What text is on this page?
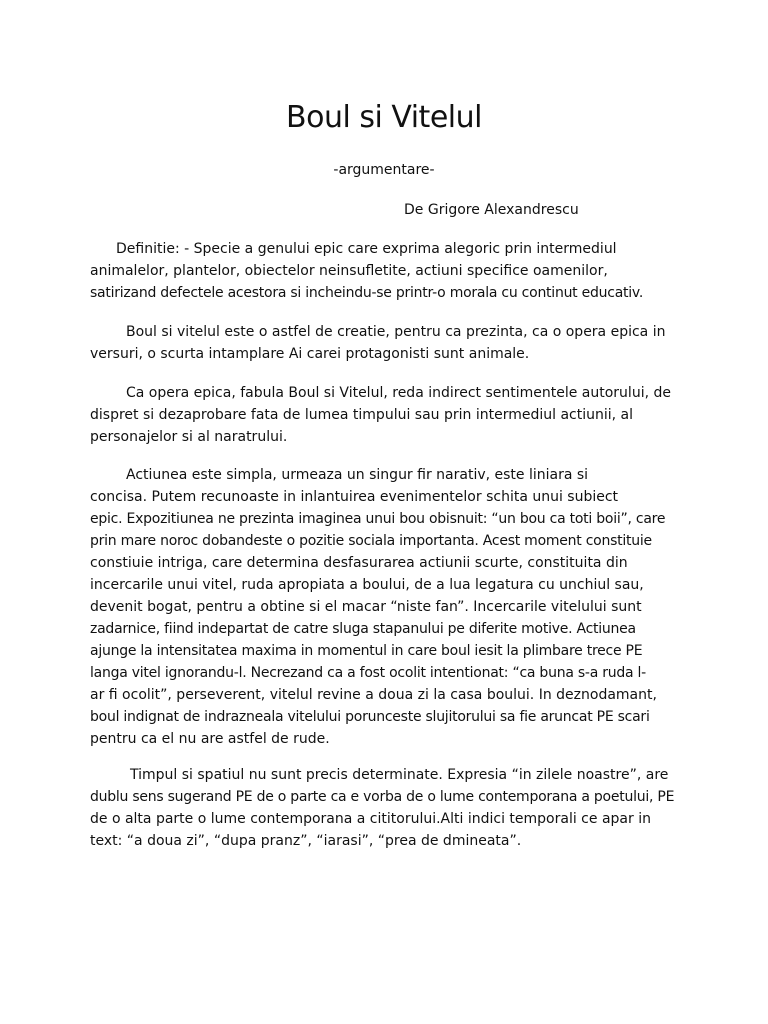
Boul si Vitelul
-argumentare-
De Grigore Alexandrescu
Definitie: - Specie a genului epic care exprima alegoric prin intermediul
animalelor, plantelor, obiectelor neinsufletite, actiuni specifice oamenilor,
satirizand defectele acestora si incheindu-se printr-o morala cu continut educativ.
Boul si vitelul este o astfel de creatie, pentru ca prezinta, ca o opera epica in
versuri, o scurta intamplare Ai carei protagonisti sunt animale.
Ca opera epica, fabula Boul si Vitelul, reda indirect sentimentele autorului, de
dispret si dezaprobare fata de lumea timpului sau prin intermediul actiunii, al
personajelor si al naratrului.
Actiunea este simpla, urmeaza un singur fir narativ, este liniara si
concisa. Putem recunoaste in inlantuirea evenimentelor schita unui subiect
epic. Expozitiunea ne prezinta imaginea unui bou obisnuit: “un bou ca toti boii”, care
prin mare noroc dobandeste o pozitie sociala importanta. Acest moment constituie
constiuie intriga, care determina desfasurarea actiunii scurte, constituita din
incercarile unui vitel, ruda apropiata a boului, de a lua legatura cu unchiul sau,
devenit bogat, pentru a obtine si el macar “niste fan”. Incercarile vitelului sunt
zadarnice, fiind indepartat de catre sluga stapanului pe diferite motive. Actiunea
ajunge la intensitatea maxima in momentul in care boul iesit la plimbare trece PE
langa vitel ignorandu-l. Necrezand ca a fost ocolit intentionat: “ca buna s-a ruda l-
ar fi ocolit”, perseverent, vitelul revine a doua zi la casa boului. In deznodamant,
boul indignat de indrazneala vitelului porunceste slujitorului sa fie aruncat PE scari
pentru ca el nu are astfel de rude.
Timpul si spatiul nu sunt precis determinate. Expresia “in zilele noastre”, are
dublu sens sugerand PE de o parte ca e vorba de o lume contemporana a poetului, PE
de o alta parte o lume contemporana a cititorului.Alti indici temporali ce apar in
text: “a doua zi”, “dupa pranz”, “iarasi”, “prea de dmineata”.
